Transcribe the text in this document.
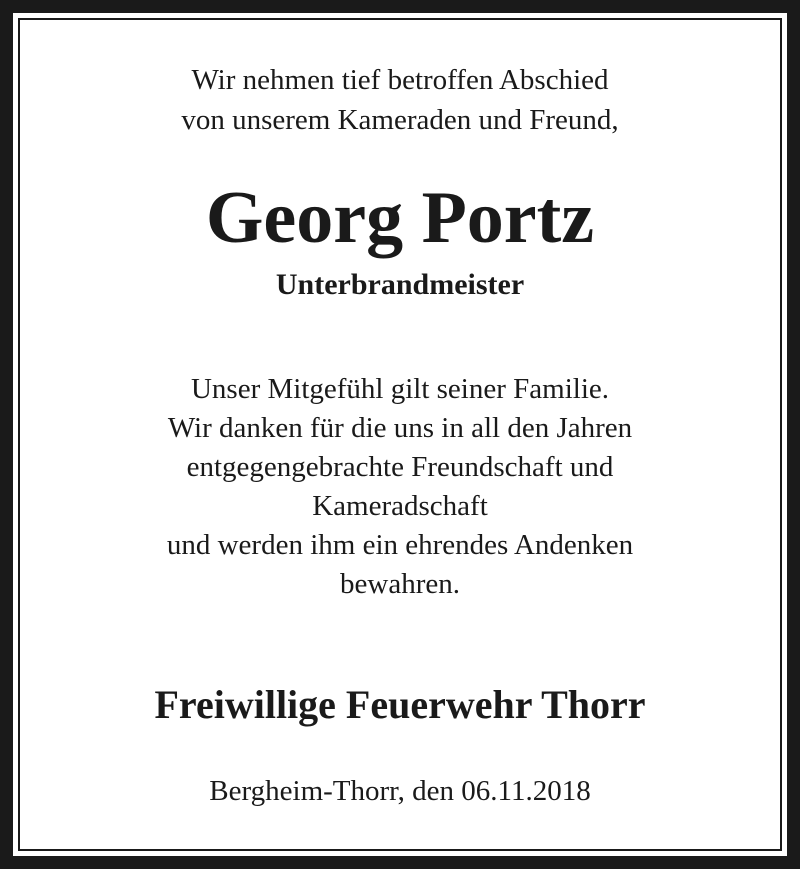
Wir nehmen tief betroffen Abschied
von unserem Kameraden und Freund,
Georg Portz
Unterbrandmeister
Unser Mitgefühl gilt seiner Familie.
Wir danken für die uns in all den Jahren
entgegengebrachte Freundschaft und
Kameradschaft
und werden ihm ein ehrendes Andenken
bewahren.
Freiwillige Feuerwehr Thorr
Bergheim-Thorr, den 06.11.2018
